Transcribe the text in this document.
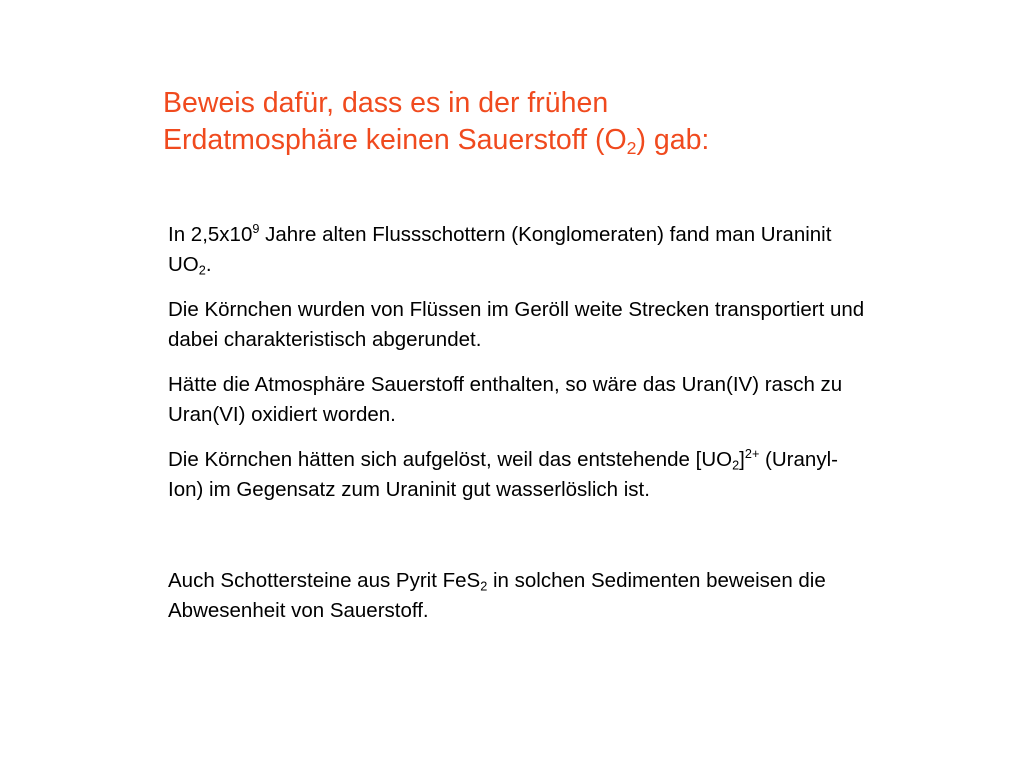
Beweis dafür, dass es in der frühen
Erdatmosphäre keinen Sauerstoff $(O_2)$ gab:

In $2,5x10^9$ Jahre alten Flussschottern (Konglomeraten) fand man Uraninit $UO_2$.

Die Körnchen wurden von Flüssen im Geröll weite Strecken transportiert und dabei charakteristisch abgerundet.

Hätte die Atmosphäre Sauerstoff enthalten, so wäre das Uran(IV) rasch zu Uran(VI) oxidiert worden.

Die Körnchen hätten sich aufgelöst, weil das entstehende $[UO_2]^{2+}$ (Uranyl- Ion) im Gegensatz zum Uraninit gut wasserlöslich ist.

Auch Schottersteine aus Pyrit FeS$_2$ in solchen Sedimenten beweisen die Abwesenheit von Sauerstoff.
